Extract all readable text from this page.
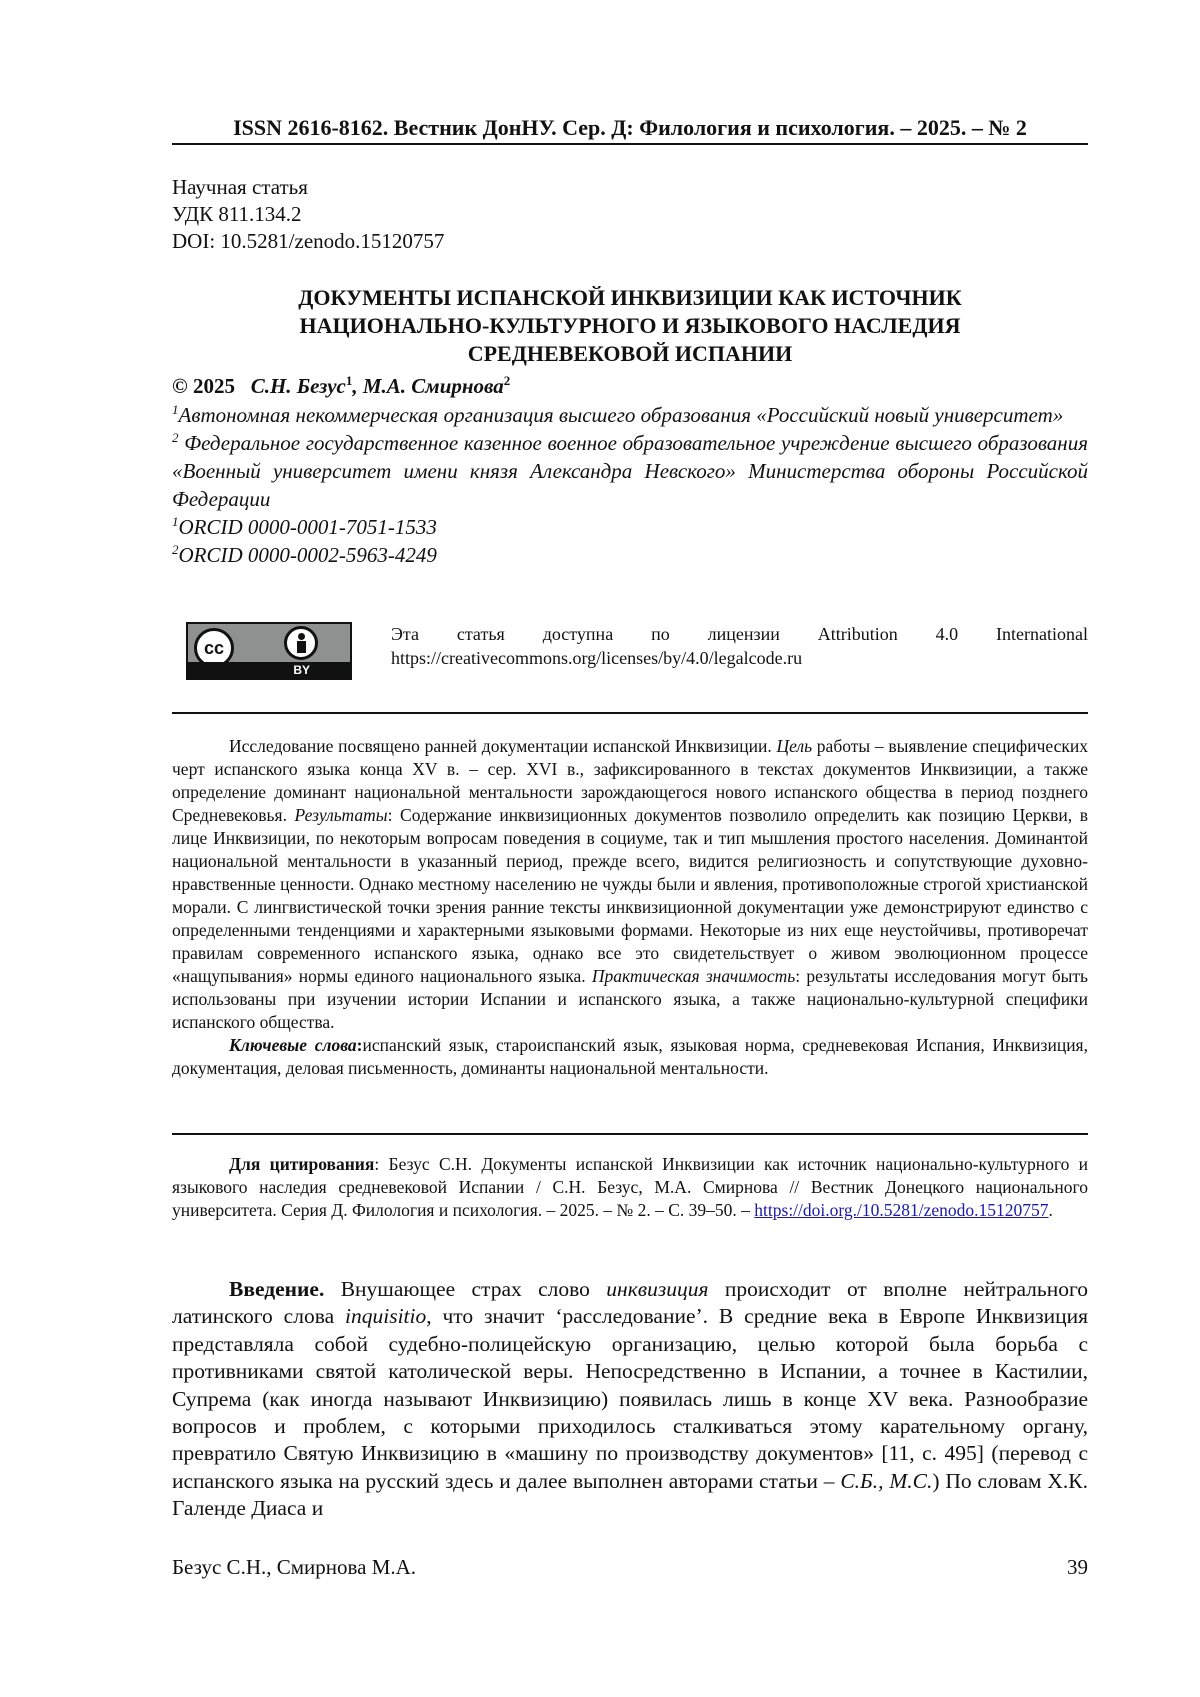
ISSN 2616-8162. Вестник ДонНУ. Сер. Д: Филология и психология. – 2025. – № 2
Научная статья
УДК 811.134.2
DOI: 10.5281/zenodo.15120757
ДОКУМЕНТЫ ИСПАНСКОЙ ИНКВИЗИЦИИ КАК ИСТОЧНИК
НАЦИОНАЛЬНО-КУЛЬТУРНОГО И ЯЗЫКОВОГО НАСЛЕДИЯ
СРЕДНЕВЕКОВОЙ ИСПАНИИ
© 2025 С.Н. Безус$^1$, М.А. Смирнова$^2$

$^1$Автономная некоммерческая организация высшего образования «Российский новый университет»

$^2$ Федеральное государственное казенное военное образовательное учреждение высшего образования «Военный университет имени князя Александра Невского» Министерства обороны Российской Федерации

$^1$ORCID 0000-0001-7051-1533

$^2$ORCID 0000-0002-5963-4249

cc
BY
Эта статья доступна по лицензии Attribution 4.0 International
https://creativecommons.org/licenses/by/4.0/legalcode.ru

Исследование посвящено ранней документации испанской Инквизиции. Цель работы – выявление специфических черт испанского языка конца XV в. – сер. XVI в., зафиксированного в текстах документов Инквизиции, а также определение доминант национальной ментальности зарождающегося нового испанского общества в период позднего Средневековья. Результаты: Содержание инквизиционных документов позволило определить как позицию Церкви, в лице Инквизиции, по некоторым вопросам поведения в социуме, так и тип мышления простого населения. Доминантой национальной ментальности в указанный период, прежде всего, видится религиозность и сопутствующие духовно-нравственные ценности. Однако местному населению не чужды были и явления, противоположные строгой христианской морали. С лингвистической точки зрения ранние тексты инквизиционной документации уже демонстрируют единство с определенными тенденциями и характерными языковыми формами. Некоторые из них еще неустойчивы, противоречат правилам современного испанского языка, однако все это свидетельствует о живом эволюционном процессе «нащупывания» нормы единого национального языка. Практическая значимость: результаты исследования могут быть использованы при изучении истории Испании и испанского языка, а также национально-культурной специфики испанского общества.

Ключевые слова:испанский язык, староиспанский язык, языковая норма, средневековая Испания, Инквизиция, документация, деловая письменность, доминанты национальной ментальности.

Для цитирования: Безус С.Н. Документы испанской Инквизиции как источник национально-культурного и языкового наследия средневековой Испании / С.Н. Безус, М.А. Смирнова // Вестник Донецкого национального университета. Серия Д. Филология и психология. – 2025. – № 2. – С. 39–50. – https://doi.org./10.5281/zenodo.15120757.

Введение. Внушающее страх слово инквизиция происходит от вполне нейтрального латинского слова inquisitio, что значит ‘расследование’. В средние века в Европе Инквизиция представляла собой судебно-полицейскую организацию, целью которой была борьба с противниками святой католической веры. Непосредственно в Испании, а точнее в Кастилии, Супрема (как иногда называют Инквизицию) появилась лишь в конце XV века. Разнообразие вопросов и проблем, с которыми приходилось сталкиваться этому карательному органу, превратило Святую Инквизицию в «машину по производству документов» [11, с. 495] (перевод с испанского языка на русский здесь и далее выполнен авторами статьи – С.Б., М.С.) По словам Х.К. Галенде Диаса и

Безус С.Н., Смирнова М.А.	39
